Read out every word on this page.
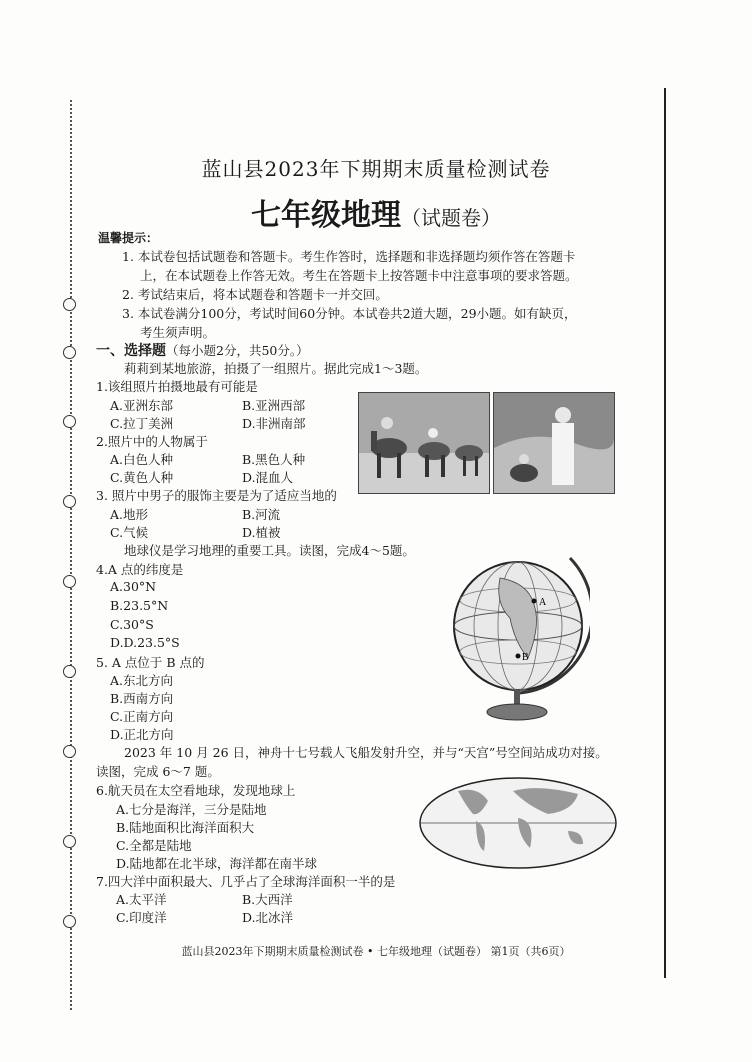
蓝山县2023年下期期末质量检测试卷
七年级地理（试题卷）
温馨提示：
1. 本试卷包括试题卷和答题卡。考生作答时，选择题和非选择题均须作答在答题卡
上，在本试题卷上作答无效。考生在答题卡上按答题卡中注意事项的要求答题。
2. 考试结束后，将本试题卷和答题卡一并交回。
3. 本试卷满分100分，考试时间60分钟。本试卷共2道大题，29小题。如有缺页，
考生须声明。
一、选择题（每小题2分，共50分。）
莉莉到某地旅游，拍摄了一组照片。据此完成1～3题。
1.该组照片拍摄地最有可能是
A.亚洲东部	B.亚洲西部
C.拉丁美洲	D.非洲南部
2.照片中的人物属于
A.白色人种	B.黑色人种
C.黄色人种	D.混血人
3. 照片中男子的服饰主要是为了适应当地的
A.地形	B.河流
C.气候	D.植被
地球仪是学习地理的重要工具。读图，完成4～5题。
4.A 点的纬度是
A.30°N
B.23.5°N
C.30°S
D.D.23.5°S
5. A 点位于 B 点的
A.东北方向
B.西南方向
C.正南方向
D.正北方向
A
B
2023 年 10 月 26 日，神舟十七号载人飞船发射升空，并与“天宫”号空间站成功对接。
读图，完成 6～7 题。
6.航天员在太空看地球，发现地球上
A.七分是海洋，三分是陆地
B.陆地面积比海洋面积大
C.全都是陆地
D.陆地都在北半球，海洋都在南半球
7.四大洋中面积最大、几乎占了全球海洋面积一半的是
A.太平洋	B.大西洋
C.印度洋	D.北冰洋
蓝山县2023年下期期末质量检测试卷 • 七年级地理（试题卷） 第1页（共6页）
